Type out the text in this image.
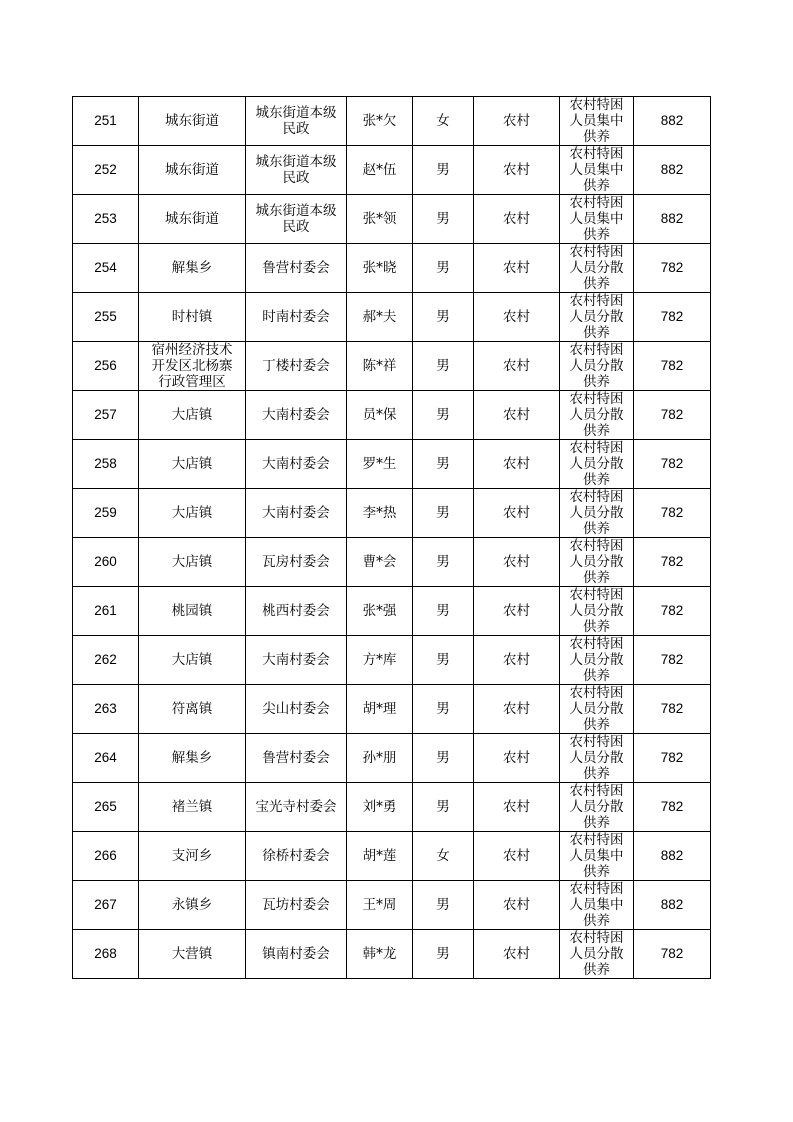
251	城东街道	城东街道本级民政	张*欠	女	农村	农村特困人员集中供养	882

252	城东街道	城东街道本级民政	赵*伍	男	农村	农村特困人员集中供养	882

253	城东街道	城东街道本级民政	张*领	男	农村	农村特困人员集中供养	882

254	解集乡	鲁营村委会	张*晓	男	农村	农村特困人员分散供养	782

255	时村镇	时南村委会	郝*夫	男	农村	农村特困人员分散供养	782

256	宿州经济技术开发区北杨寨行政管理区	丁楼村委会	陈*祥	男	农村	农村特困人员分散供养	782

257	大店镇	大南村委会	员*保	男	农村	农村特困人员分散供养	782

258	大店镇	大南村委会	罗*生	男	农村	农村特困人员分散供养	782

259	大店镇	大南村委会	李*热	男	农村	农村特困人员分散供养	782

260	大店镇	瓦房村委会	曹*会	男	农村	农村特困人员分散供养	782

261	桃园镇	桃西村委会	张*强	男	农村	农村特困人员分散供养	782

262	大店镇	大南村委会	方*库	男	农村	农村特困人员分散供养	782

263	符离镇	尖山村委会	胡*理	男	农村	农村特困人员分散供养	782

264	解集乡	鲁营村委会	孙*朋	男	农村	农村特困人员分散供养	782

265	褚兰镇	宝光寺村委会	刘*勇	男	农村	农村特困人员分散供养	782

266	支河乡	徐桥村委会	胡*莲	女	农村	农村特困人员集中供养	882

267	永镇乡	瓦坊村委会	王*周	男	农村	农村特困人员集中供养	882

268	大营镇	镇南村委会	韩*龙	男	农村	农村特困人员分散供养	782
